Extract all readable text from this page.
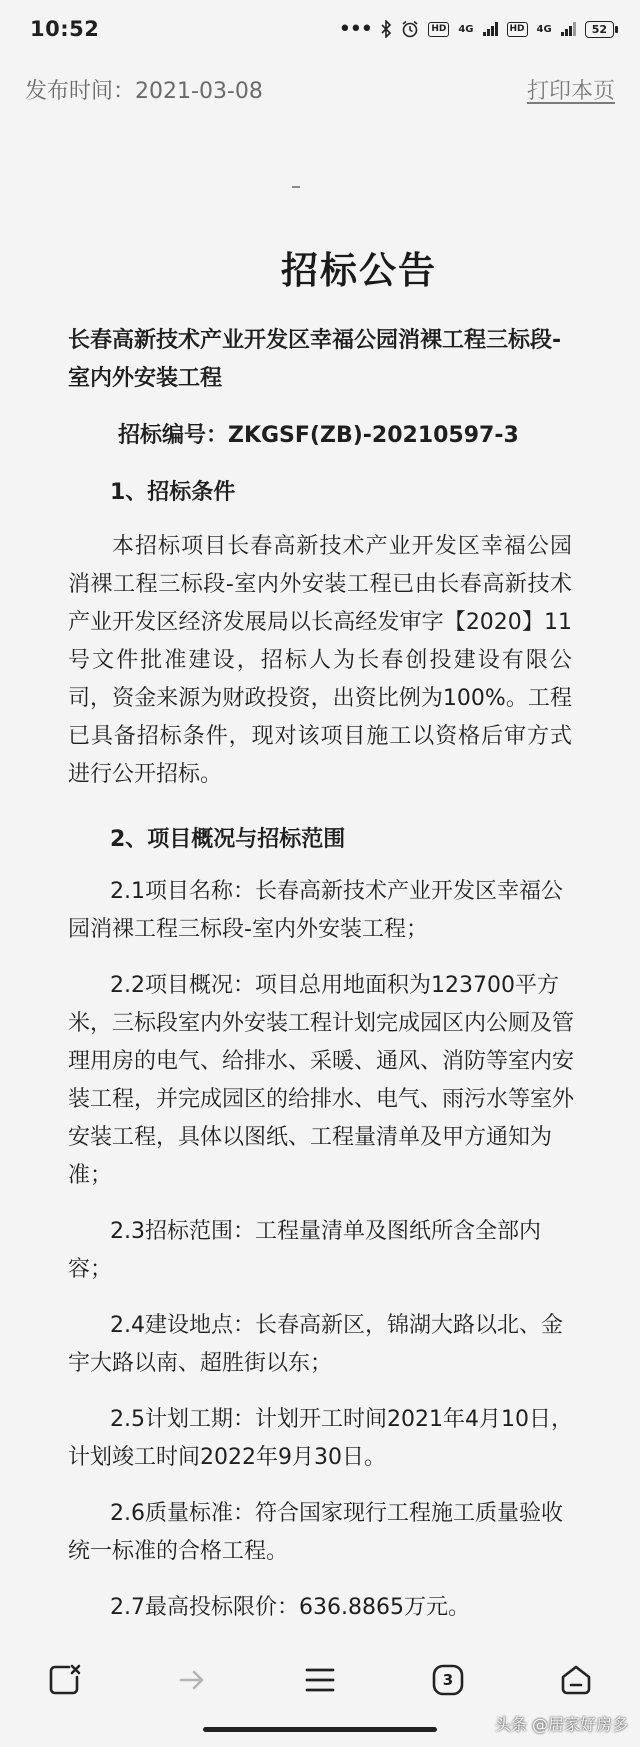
10:52	•••	HD	4G	HD	4G	52
发布时间：2021-03-08	打印本页
招标公告

长春高新技术产业开发区幸福公园消裸工程三标段-室内外安装工程

招标编号：ZKGSF(ZB)-20210597-3

1、招标条件

本招标项目长春高新技术产业开发区幸福公园消裸工程三标段-室内外安装工程已由长春高新技术产业开发区经济发展局以长高经发审字【2020】11号文件批准建设，招标人为长春创投建设有限公司，资金来源为财政投资，出资比例为100%。工程已具备招标条件，现对该项目施工以资格后审方式进行公开招标。

2、项目概况与招标范围

2.1项目名称：长春高新技术产业开发区幸福公园消裸工程三标段-室内外安装工程；

2.2项目概况：项目总用地面积为123700平方米，三标段室内外安装工程计划完成园区内公厕及管理用房的电气、给排水、采暖、通风、消防等室内安装工程，并完成园区的给排水、电气、雨污水等室外安装工程，具体以图纸、工程量清单及甲方通知为准；

2.3招标范围：工程量清单及图纸所含全部内容；

2.4建设地点：长春高新区，锦湖大路以北、金宇大路以南、超胜街以东；

2.5计划工期：计划开工时间2021年4月10日，计划竣工时间2022年9月30日。

2.6质量标准：符合国家现行工程施工质量验收统一标准的合格工程。

2.7最高投标限价：636.8865万元。

3
头条 @居家好房多
